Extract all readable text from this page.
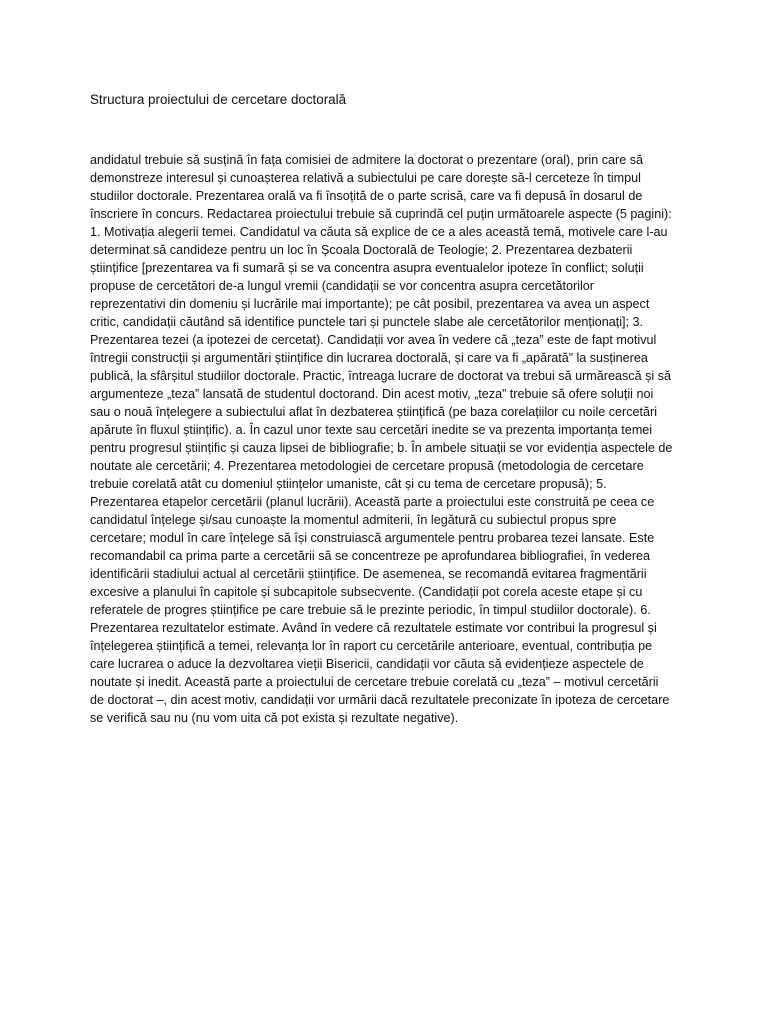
Structura proiectului de cercetare doctorală

andidatul trebuie să susțină în fața comisiei de admitere la doctorat o prezentare (oral), prin care să
demonstreze interesul și cunoașterea relativă a subiectului pe care dorește să-l cerceteze în timpul
studiilor doctorale. Prezentarea orală va fi însoțită de o parte scrisă, care va fi depusă în dosarul de
înscriere în concurs. Redactarea proiectului trebuie să cuprindă cel puțin următoarele aspecte (5 pagini):
1. Motivația alegerii temei. Candidatul va căuta să explice de ce a ales această temă, motivele care l-au
determinat să candideze pentru un loc în Școala Doctorală de Teologie; 2. Prezentarea dezbaterii
științifice [prezentarea va fi sumară și se va concentra asupra eventualelor ipoteze în conflict; soluții
propuse de cercetători de-a lungul vremii (candidații se vor concentra asupra cercetătorilor
reprezentativi din domeniu și lucrările mai importante); pe cât posibil, prezentarea va avea un aspect
critic, candidații căutând să identifice punctele tari și punctele slabe ale cercetătorilor menționați]; 3.
Prezentarea tezei (a ipotezei de cercetat). Candidații vor avea în vedere că „teza” este de fapt motivul
întregii construcții și argumentări științifice din lucrarea doctorală, și care va fi „apărată” la susținerea
publică, la sfârșitul studiilor doctorale. Practic, întreaga lucrare de doctorat va trebui să urmărească și să
argumenteze „teza” lansată de studentul doctorand. Din acest motiv, „teza” trebuie să ofere soluții noi
sau o nouă înțelegere a subiectului aflat în dezbaterea științifică (pe baza corelațiilor cu noile cercetări
apărute în fluxul științific). a. În cazul unor texte sau cercetări inedite se va prezenta importanța temei
pentru progresul științific și cauza lipsei de bibliografie; b. În ambele situații se vor evidenția aspectele de
noutate ale cercetării; 4. Prezentarea metodologiei de cercetare propusă (metodologia de cercetare
trebuie corelată atât cu domeniul științelor umaniste, cât și cu tema de cercetare propusă); 5.
Prezentarea etapelor cercetării (planul lucrării). Această parte a proiectului este construită pe ceea ce
candidatul înțelege și/sau cunoaște la momentul admiterii, în legătură cu subiectul propus spre
cercetare; modul în care înțelege să își construiască argumentele pentru probarea tezei lansate. Este
recomandabil ca prima parte a cercetării să se concentreze pe aprofundarea bibliografiei, în vederea
identificării stadiului actual al cercetării științifice. De asemenea, se recomandă evitarea fragmentării
excesive a planului în capitole și subcapitole subsecvente. (Candidații pot corela aceste etape și cu
referatele de progres științifice pe care trebuie să le prezinte periodic, în timpul studiilor doctorale). 6.
Prezentarea rezultatelor estimate. Având în vedere că rezultatele estimate vor contribui la progresul și
înțelegerea științifică a temei, relevanța lor în raport cu cercetările anterioare, eventual, contribuția pe
care lucrarea o aduce la dezvoltarea vieții Bisericii, candidații vor căuta să evidențieze aspectele de
noutate și inedit. Această parte a proiectului de cercetare trebuie corelată cu „teza” – motivul cercetării
de doctorat –, din acest motiv, candidații vor urmării dacă rezultatele preconizate în ipoteza de cercetare
se verifică sau nu (nu vom uita că pot exista și rezultate negative).
